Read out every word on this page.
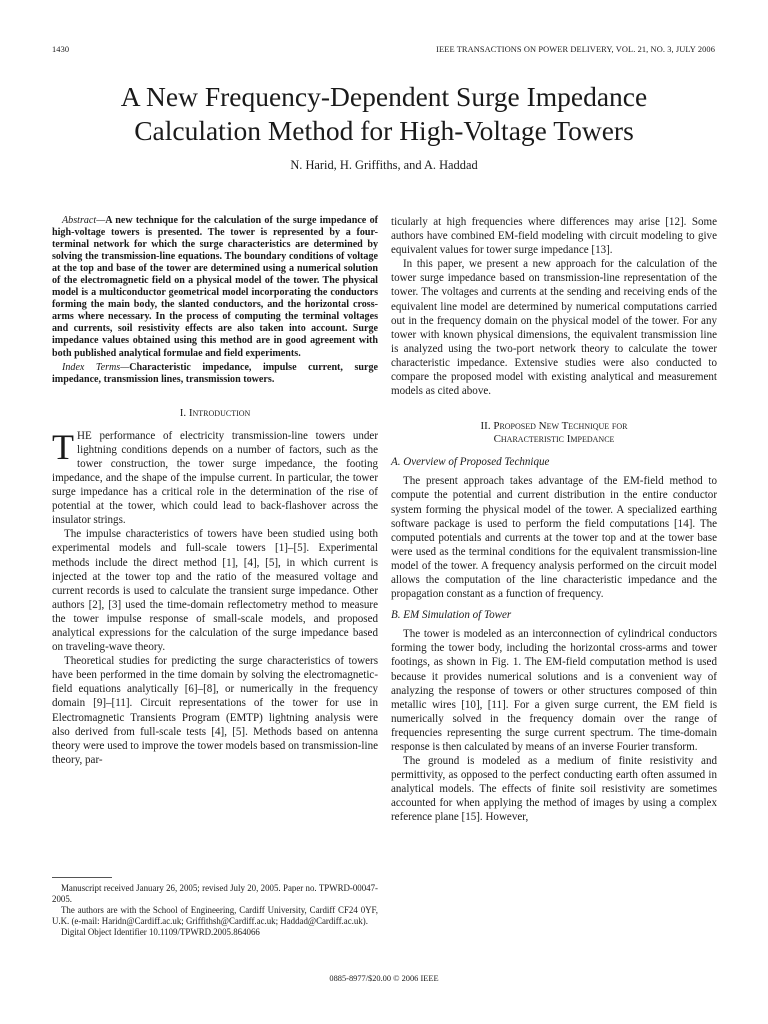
1430	IEEE TRANSACTIONS ON POWER DELIVERY, VOL. 21, NO. 3, JULY 2006
A New Frequency-Dependent Surge Impedance
Calculation Method for High-Voltage Towers
N. Harid, H. Griffiths, and A. Haddad

Abstract—A new technique for the calculation of the surge impedance of high-voltage towers is presented. The tower is represented by a four-terminal network for which the surge characteristics are determined by solving the transmission-line equations. The boundary conditions of voltage at the top and base of the tower are determined using a numerical solution of the electromagnetic field on a physical model of the tower. The physical model is a multiconductor geometrical model incorporating the conductors forming the main body, the slanted conductors, and the horizontal cross-arms where necessary. In the process of computing the terminal voltages and currents, soil resistivity effects are also taken into account. Surge impedance values obtained using this method are in good agreement with both published analytical formulae and field experiments.

Index Terms—Characteristic impedance, impulse current, surge impedance, transmission lines, transmission towers.

I. Introduction

THE performance of electricity transmission-line towers under lightning conditions depends on a number of factors, such as the tower construction, the tower surge impedance, the footing impedance, and the shape of the impulse current. In particular, the tower surge impedance has a critical role in the determination of the rise of potential at the tower, which could lead to back-flashover across the insulator strings.

The impulse characteristics of towers have been studied using both experimental models and full-scale towers [1]–[5]. Experimental methods include the direct method [1], [4], [5], in which current is injected at the tower top and the ratio of the measured voltage and current records is used to calculate the transient surge impedance. Other authors [2], [3] used the time-domain reflectometry method to measure the tower impulse response of small-scale models, and proposed analytical expressions for the calculation of the surge impedance based on traveling-wave theory.

Theoretical studies for predicting the surge characteristics of towers have been performed in the time domain by solving the electromagnetic-field equations analytically [6]–[8], or numerically in the frequency domain [9]–[11]. Circuit representations of the tower for use in Electromagnetic Transients Program (EMTP) lightning analysis were also derived from full-scale tests [4], [5]. Methods based on antenna theory were used to improve the tower models based on transmission-line theory, par-

ticularly at high frequencies where differences may arise [12]. Some authors have combined EM-field modeling with circuit modeling to give equivalent values for tower surge impedance [13].

In this paper, we present a new approach for the calculation of the tower surge impedance based on transmission-line representation of the tower. The voltages and currents at the sending and receiving ends of the equivalent line model are determined by numerical computations carried out in the frequency domain on the physical model of the tower. For any tower with known physical dimensions, the equivalent transmission line is analyzed using the two-port network theory to calculate the tower characteristic impedance. Extensive studies were also conducted to compare the proposed model with existing analytical and measurement models as cited above.

II. Proposed New Technique for
Characteristic Impedance
A. Overview of Proposed Technique

The present approach takes advantage of the EM-field method to compute the potential and current distribution in the entire conductor system forming the physical model of the tower. A specialized earthing software package is used to perform the field computations [14]. The computed potentials and currents at the tower top and at the tower base were used as the terminal conditions for the equivalent transmission-line model of the tower. A frequency analysis performed on the circuit model allows the computation of the line characteristic impedance and the propagation constant as a function of frequency.

B. EM Simulation of Tower

The tower is modeled as an interconnection of cylindrical conductors forming the tower body, including the horizontal cross-arms and tower footings, as shown in Fig. 1. The EM-field computation method is used because it provides numerical solutions and is a convenient way of analyzing the response of towers or other structures composed of thin metallic wires [10], [11]. For a given surge current, the EM field is numerically solved in the frequency domain over the range of frequencies representing the surge current spectrum. The time-domain response is then calculated by means of an inverse Fourier transform.

The ground is modeled as a medium of finite resistivity and permittivity, as opposed to the perfect conducting earth often assumed in analytical models. The effects of finite soil resistivity are sometimes accounted for when applying the method of images by using a complex reference plane [15]. However,

Manuscript received January 26, 2005; revised July 20, 2005. Paper no. TPWRD-00047-2005.

The authors are with the School of Engineering, Cardiff University, Cardiff CF24 0YF, U.K. (e-mail: Haridn@Cardiff.ac.uk; Griffithsh@Cardiff.ac.uk; Haddad@Cardiff.ac.uk).

Digital Object Identifier 10.1109/TPWRD.2005.864066

0885-8977/$20.00 © 2006 IEEE
